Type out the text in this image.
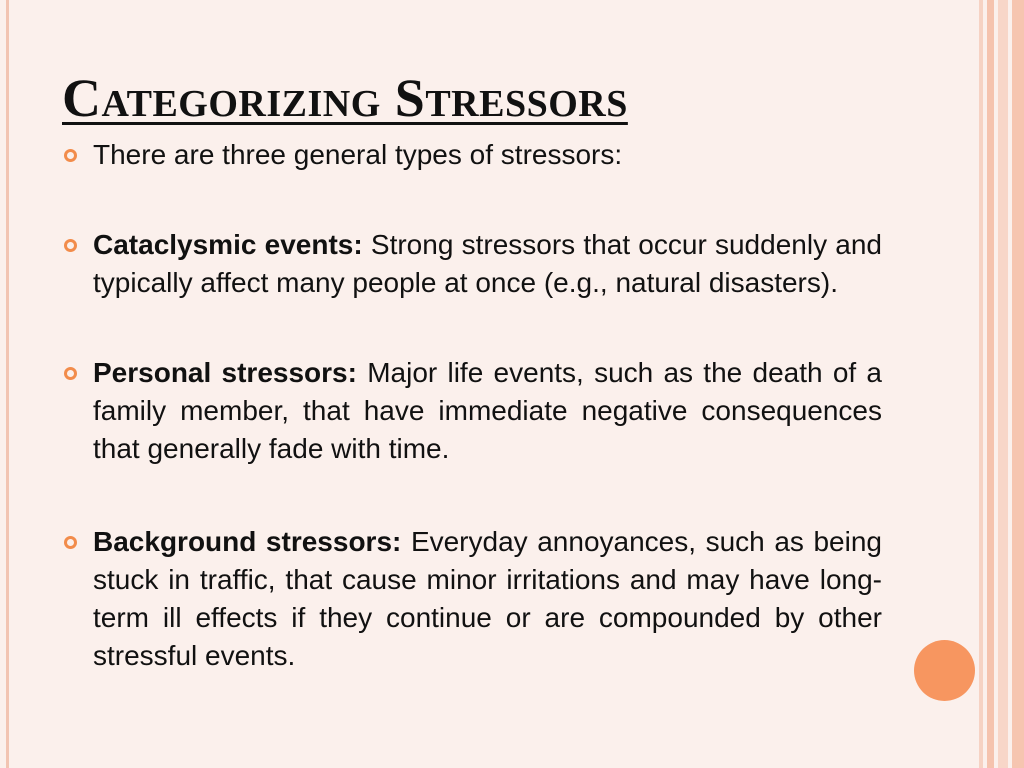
Categorizing Stressors
There are three general types of stressors:
Cataclysmic events: Strong stressors that occur suddenly and typically affect many people at once (e.g., natural disasters).
Personal stressors: Major life events, such as the death of a family member, that have immediate negative consequences that generally fade with time.
Background stressors: Everyday annoyances, such as being stuck in traffic, that cause minor irritations and may have long-term ill effects if they continue or are compounded by other stressful events.
